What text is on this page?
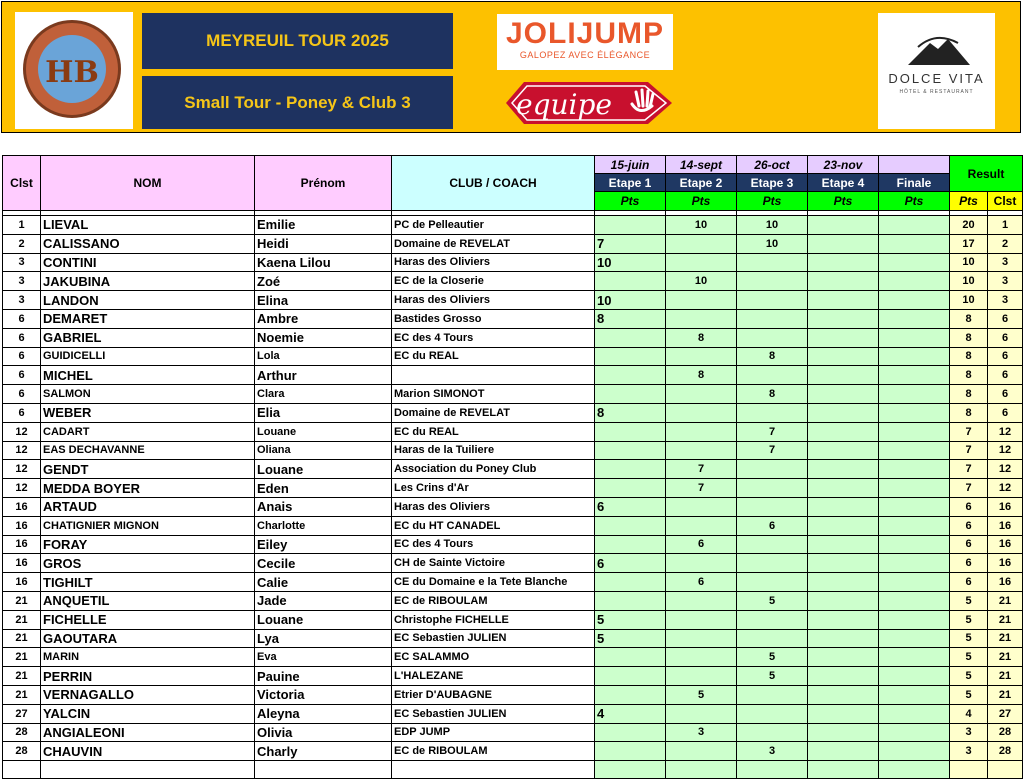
HB
MEYREUIL TOUR 2025
Small Tour - Poney & Club 3
JOLIJUMP
GALOPEZ AVEC ÉLÉGANCE
equipe
DOLCE VITA
HÔTEL & RESTAURANT
Clst	NOM	Prénom	CLUB / COACH	15-juin	14-sept	26-oct	23-nov		Result	
				Etape 1	Etape 2	Etape 3	Etape 4	Finale		
				Pts	Pts	Pts	Pts	Pts	Pts	Clst

1	LIEVAL	Emilie	PC de Pelleautier		10	10			20	1
2	CALISSANO	Heidi	Domaine de REVELAT	7		10			17	2
3	CONTINI	Kaena Lilou	Haras des Oliviers	10					10	3
3	JAKUBINA	Zoé	EC de la Closerie		10				10	3
3	LANDON	Elina	Haras des Oliviers	10					10	3
6	DEMARET	Ambre	Bastides Grosso	8					8	6
6	GABRIEL	Noemie	EC des 4 Tours		8				8	6
6	GUIDICELLI	Lola	EC du REAL			8			8	6
6	MICHEL	Arthur			8				8	6
6	SALMON	Clara	Marion SIMONOT			8			8	6
6	WEBER	Elia	Domaine de REVELAT	8					8	6
12	CADART	Louane	EC du REAL			7			7	12
12	EAS DECHAVANNE	Oliana	Haras de la Tuiliere			7			7	12
12	GENDT	Louane	Association du Poney Club		7				7	12
12	MEDDA BOYER	Eden	Les Crins d'Ar		7				7	12
16	ARTAUD	Anais	Haras des Oliviers	6					6	16
16	CHATIGNIER MIGNON	Charlotte	EC du HT CANADEL			6			6	16
16	FORAY	Eiley	EC des 4 Tours		6				6	16
16	GROS	Cecile	CH de Sainte Victoire	6					6	16
16	TIGHILT	Calie	CE du Domaine e la Tete Blanche		6				6	16
21	ANQUETIL	Jade	EC de RIBOULAM			5			5	21
21	FICHELLE	Louane	Christophe FICHELLE	5					5	21
21	GAOUTARA	Lya	EC Sebastien JULIEN	5					5	21
21	MARIN	Eva	EC SALAMMO			5			5	21
21	PERRIN	Pauine	L'HALEZANE			5			5	21
21	VERNAGALLO	Victoria	Etrier D'AUBAGNE		5				5	21
27	YALCIN	Aleyna	EC Sebastien JULIEN	4					4	27
28	ANGIALEONI	Olivia	EDP JUMP		3				3	28
28	CHAUVIN	Charly	EC de RIBOULAM			3			3	28
